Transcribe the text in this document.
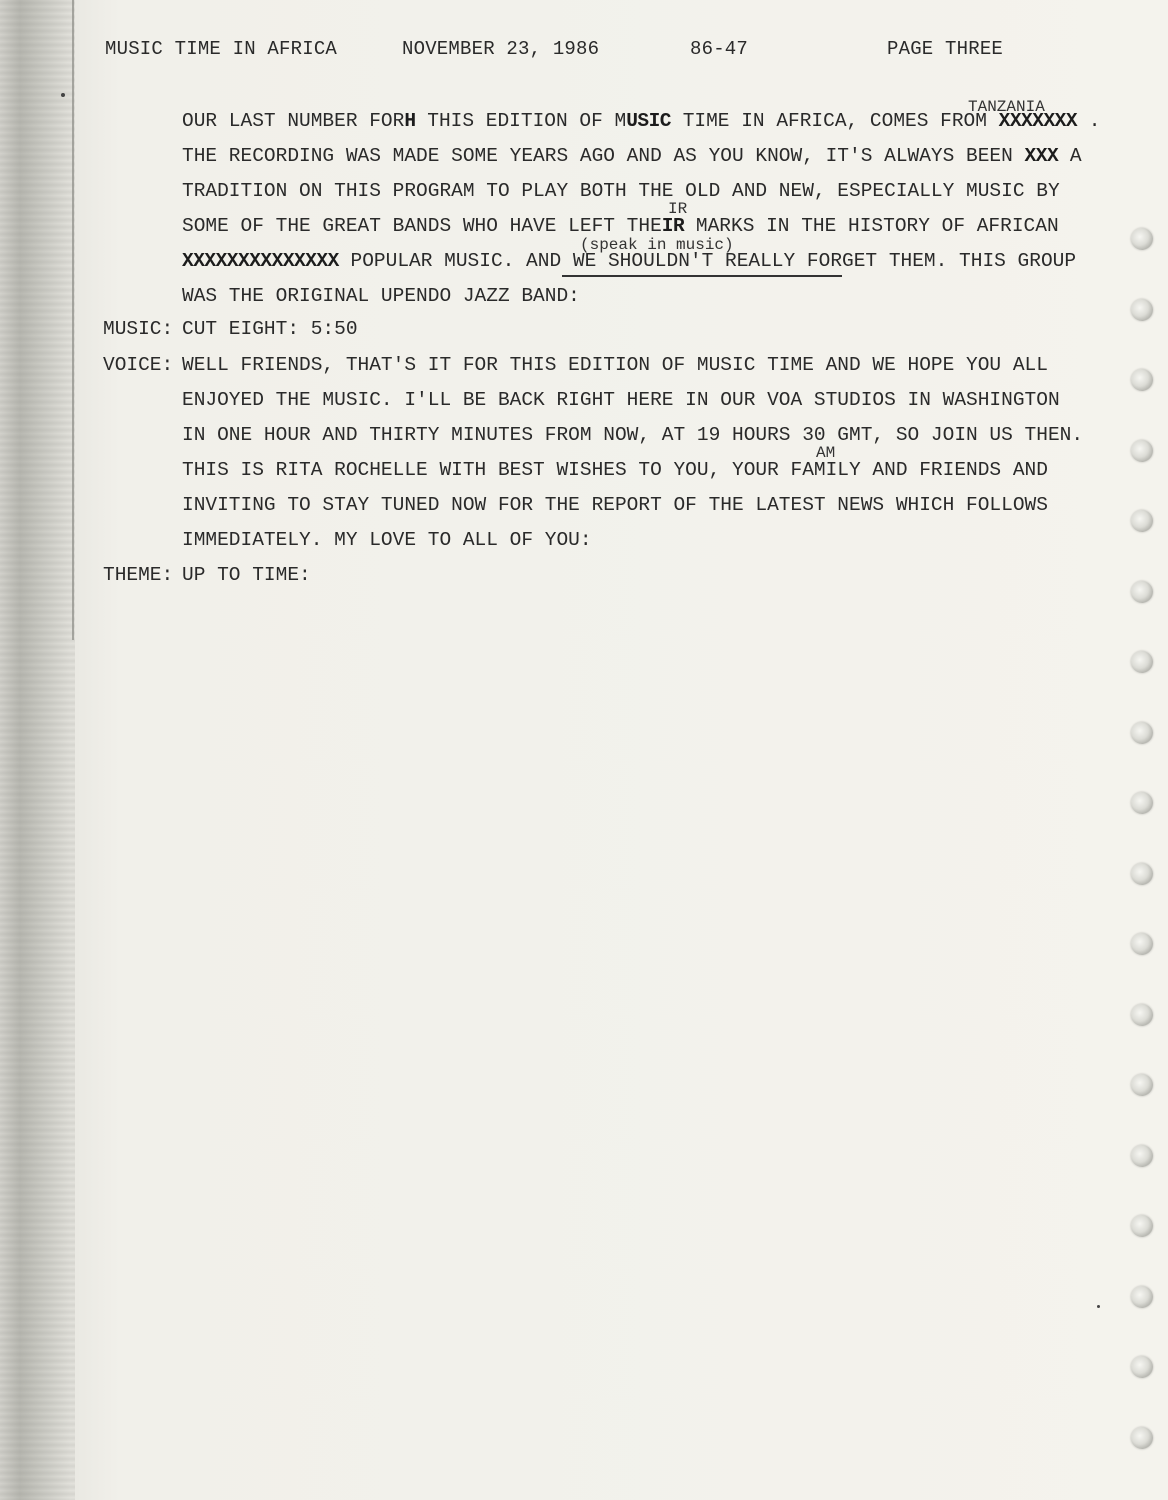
MUSIC TIME IN AFRICA	NOVEMBER 23, 1986	86-47	PAGE THREE
TANZANIA
OUR LAST NUMBER FORH THIS EDITION OF MUSIC TIME IN AFRICA, COMES FROM XXXXXXX .
THE RECORDING WAS MADE SOME YEARS AGO AND AS YOU KNOW, IT'S ALWAYS BEEN XXX A
TRADITION ON THIS PROGRAM TO PLAY BOTH THE OLD AND NEW, ESPECIALLY MUSIC BY
IR
SOME OF THE GREAT BANDS WHO HAVE LEFT THEIR MARKS IN THE HISTORY OF AFRICAN
(speak in music)
XXXXXXXXXXXXXX POPULAR MUSIC. AND WE SHOULDN'T REALLY FORGET THEM. THIS GROUP
WAS THE ORIGINAL UPENDO JAZZ BAND:
MUSIC: CUT EIGHT: 5:50
VOICE: WELL FRIENDS, THAT'S IT FOR THIS EDITION OF MUSIC TIME AND WE HOPE YOU ALL
ENJOYED THE MUSIC. I'LL BE BACK RIGHT HERE IN OUR VOA STUDIOS IN WASHINGTON
IN ONE HOUR AND THIRTY MINUTES FROM NOW, AT 19 HOURS 30 GMT, SO JOIN US THEN.
AM
THIS IS RITA ROCHELLE WITH BEST WISHES TO YOU, YOUR FAMILY AND FRIENDS AND
INVITING TO STAY TUNED NOW FOR THE REPORT OF THE LATEST NEWS WHICH FOLLOWS
IMMEDIATELY. MY LOVE TO ALL OF YOU:
THEME: UP TO TIME:
